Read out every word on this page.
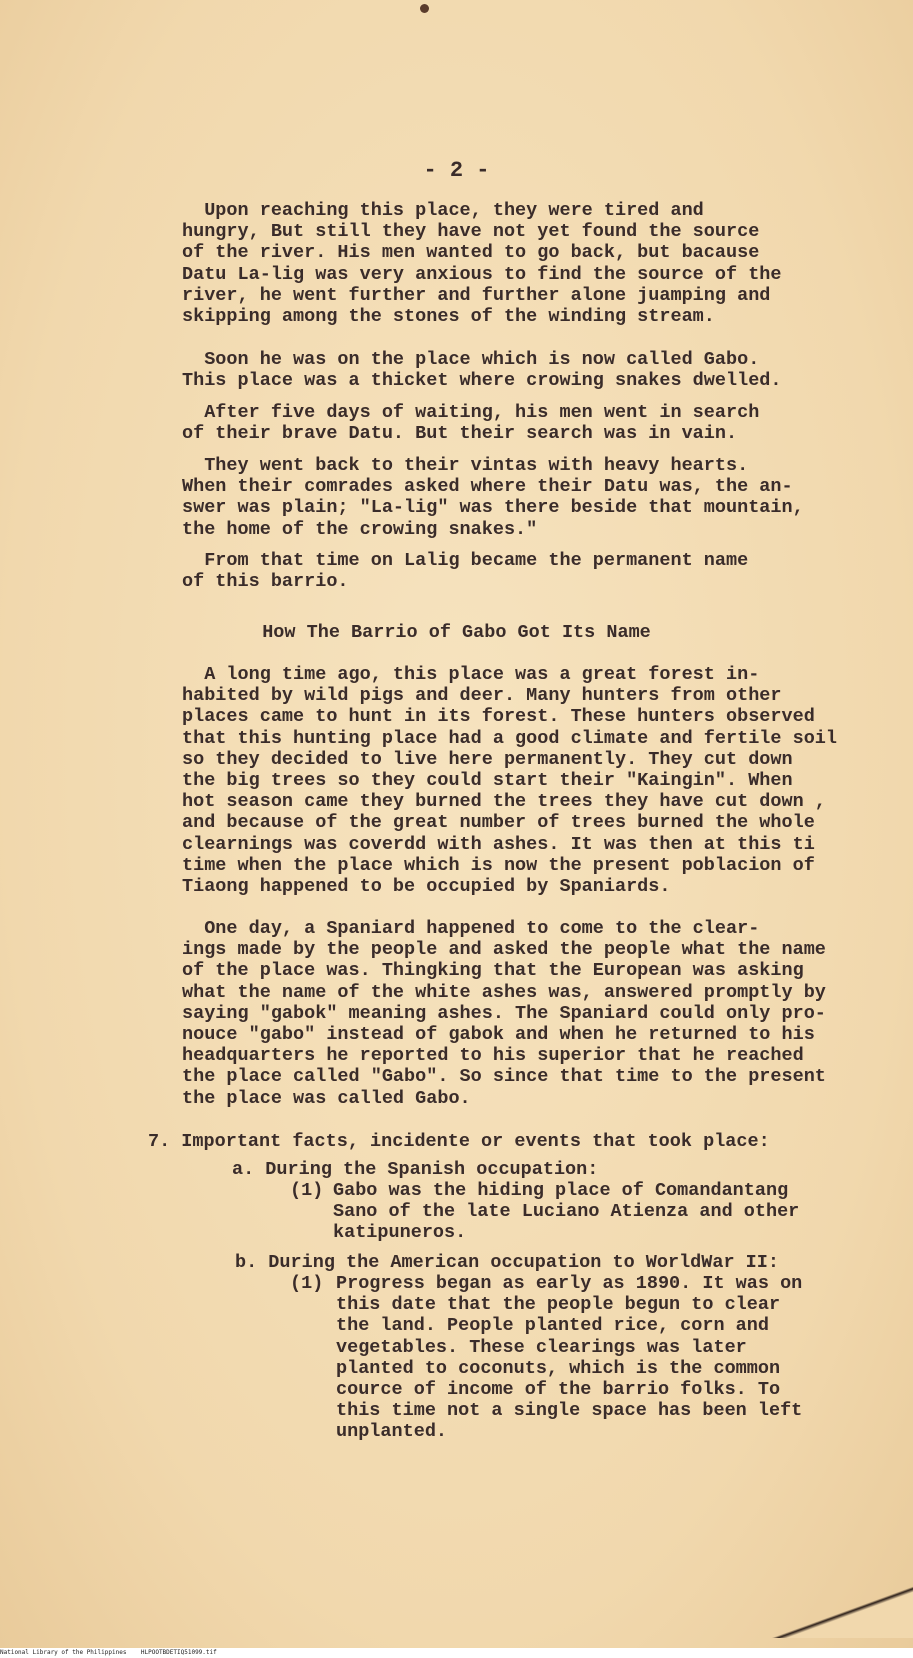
- 2 -
Upon reaching this place, they were tired and
hungry, But still they have not yet found the source
of the river. His men wanted to go back, but bacause
Datu La-lig was very anxious to find the source of the
river, he went further and further alone juamping and
skipping among the stones of the winding stream.
Soon he was on the place which is now called Gabo.
This place was a thicket where crowing snakes dwelled.
After five days of waiting, his men went in search
of their brave Datu. But their search was in vain.
They went back to their vintas with heavy hearts.
When their comrades asked where their Datu was, the an-
swer was plain; "La-lig" was there beside that mountain,
the home of the crowing snakes."
From that time on Lalig became the permanent name
of this barrio.
How The Barrio of Gabo Got Its Name
A long time ago, this place was a great forest in-
habited by wild pigs and deer. Many hunters from other
places came to hunt in its forest. These hunters observed
that this hunting place had a good climate and fertile soil
so they decided to live here permanently. They cut down
the big trees so they could start their "Kaingin". When
hot season came they burned the trees they have cut down ,
and because of the great number of trees burned the whole
clearnings was coverdd with ashes. It was then at this ti
time when the place which is now the present poblacion of
Tiaong happened to be occupied by Spaniards.
One day, a Spaniard happened to come to the clear-
ings made by the people and asked the people what the name
of the place was. Thingking that the European was asking
what the name of the white ashes was, answered promptly by
saying "gabok" meaning ashes. The Spaniard could only pro-
nouce "gabo" instead of gabok and when he returned to his
headquarters he reported to his superior that he reached
the place called "Gabo". So since that time to the present
the place was called Gabo.
7. Important facts, incidente or events that took place:
a. During the Spanish occupation:
(1) Gabo was the hiding place of Comandantang
Sano of the late Luciano Atienza and other
katipuneros.
b. During the American occupation to WorldWar II:
(1) Progress began as early as 1890. It was on
this date that the people begun to clear
the land. People planted rice, corn and
vegetables. These clearings was later
planted to coconuts, which is the common
cource of income of the barrio folks. To
this time not a single space has been left
unplanted.
National Library of the Philippines    HLPOOTBDETIQ51099.tif
